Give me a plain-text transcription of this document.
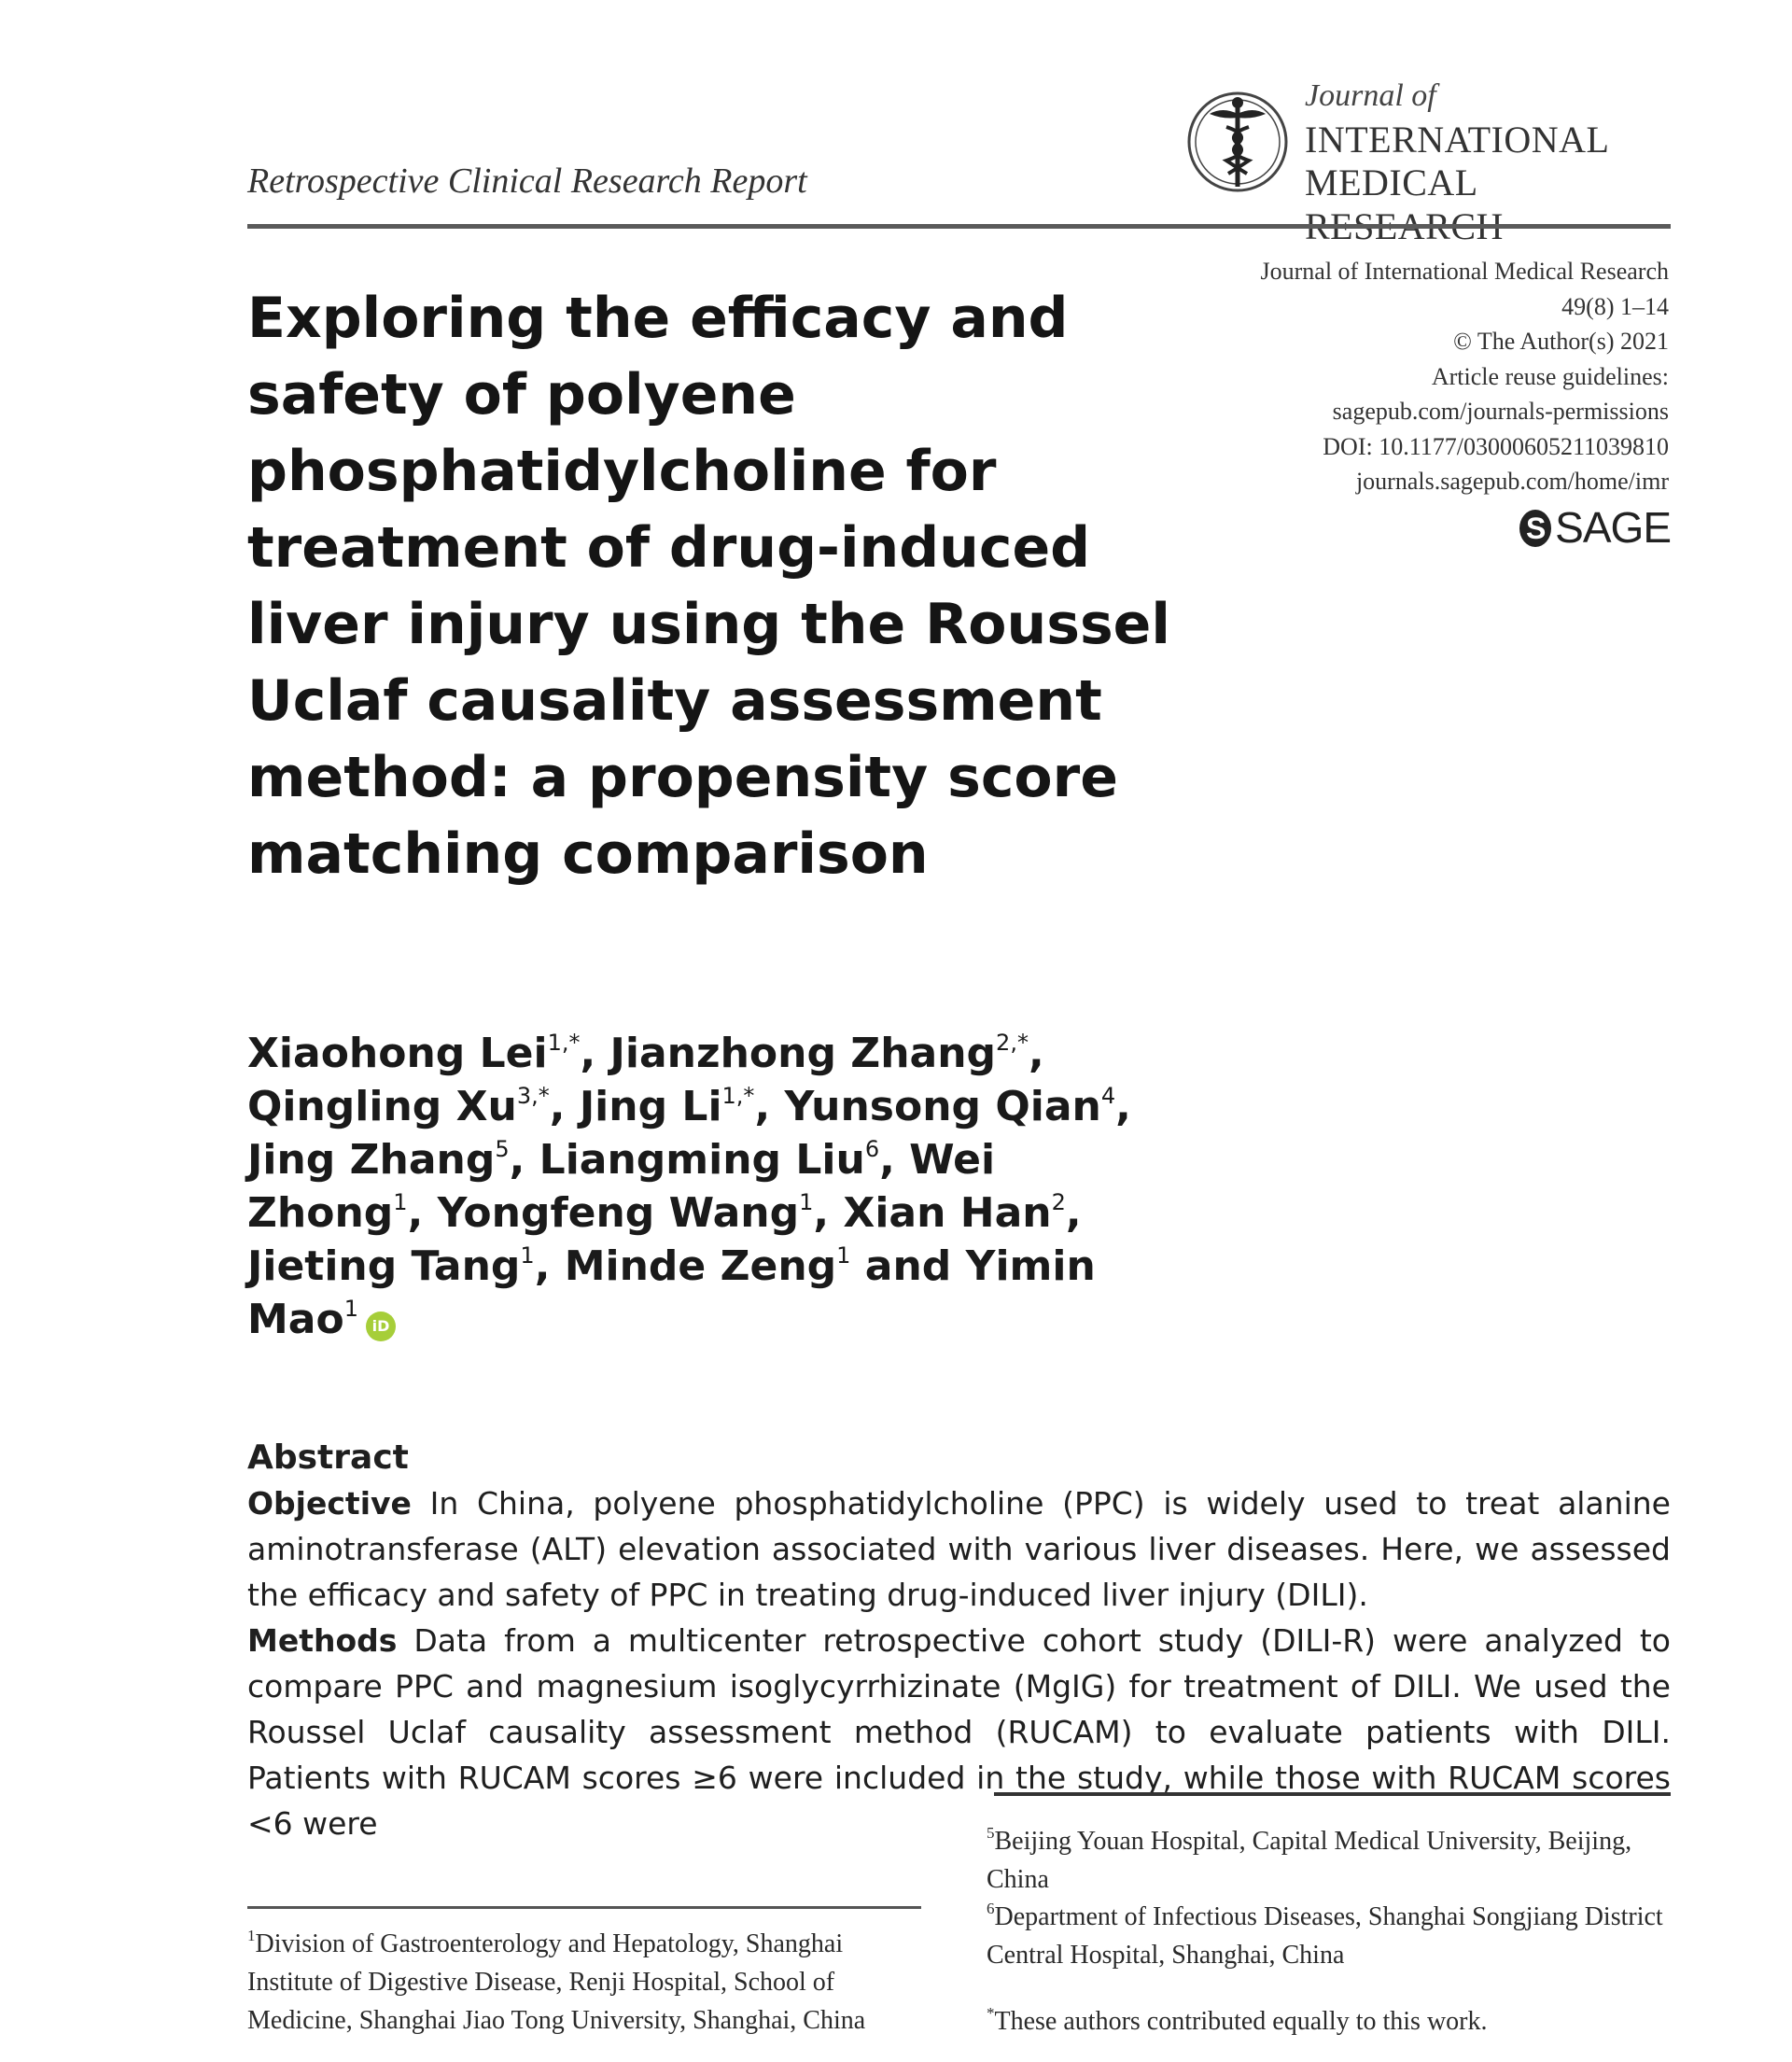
Retrospective Clinical Research Report
Journal of
INTERNATIONAL
MEDICAL RESEARCH
Journal of International Medical Research
49(8) 1–14
© The Author(s) 2021
Article reuse guidelines:
sagepub.com/journals-permissions
DOI: 10.1177/03000605211039810
journals.sagepub.com/home/imr
S SAGE
Exploring the efficacy and safety of polyene phosphatidylcholine for treatment of drug-induced liver injury using the Roussel Uclaf causality assessment method: a propensity score matching comparison

Xiaohong Lei$^{1,*}$, Jianzhong Zhang$^{2,*}$, Qingling $Xu^{3,*}$, Jing $Li^{1,*}$, Yunsong Qian$^4$, Jing Zhang$^5$, Liangming Liu$^6$, Wei Zhong$^1$, Yongfeng Wang$^1$, Xian Han$^2$, Jieting Tang$^1$, Minde Zeng$^1$ and Yimin Mao$^1$iD

Abstract

Objective In China, polyene phosphatidylcholine (PPC) is widely used to treat alanine aminotransferase (ALT) elevation associated with various liver diseases. Here, we assessed the efficacy and safety of PPC in treating drug-induced liver injury (DILI).

Methods Data from a multicenter retrospective cohort study (DILI-R) were analyzed to compare PPC and magnesium isoglycyrrhizinate (MgIG) for treatment of DILI. We used the Roussel Uclaf causality assessment method (RUCAM) to evaluate patients with DILI. Patients with RUCAM scores ≥6 were included in the study, while those with RUCAM scores <6 were

$^1$Division of Gastroenterology and Hepatology, Shanghai Institute of Digestive Disease, Renji Hospital, School of Medicine, Shanghai Jiao Tong University, Shanghai, China
$^5$Beijing Youan Hospital, Capital Medical University, Beijing, China
$^6$Department of Infectious Diseases, Shanghai Songjiang District Central Hospital, Shanghai, China
*These authors contributed equally to this work.
